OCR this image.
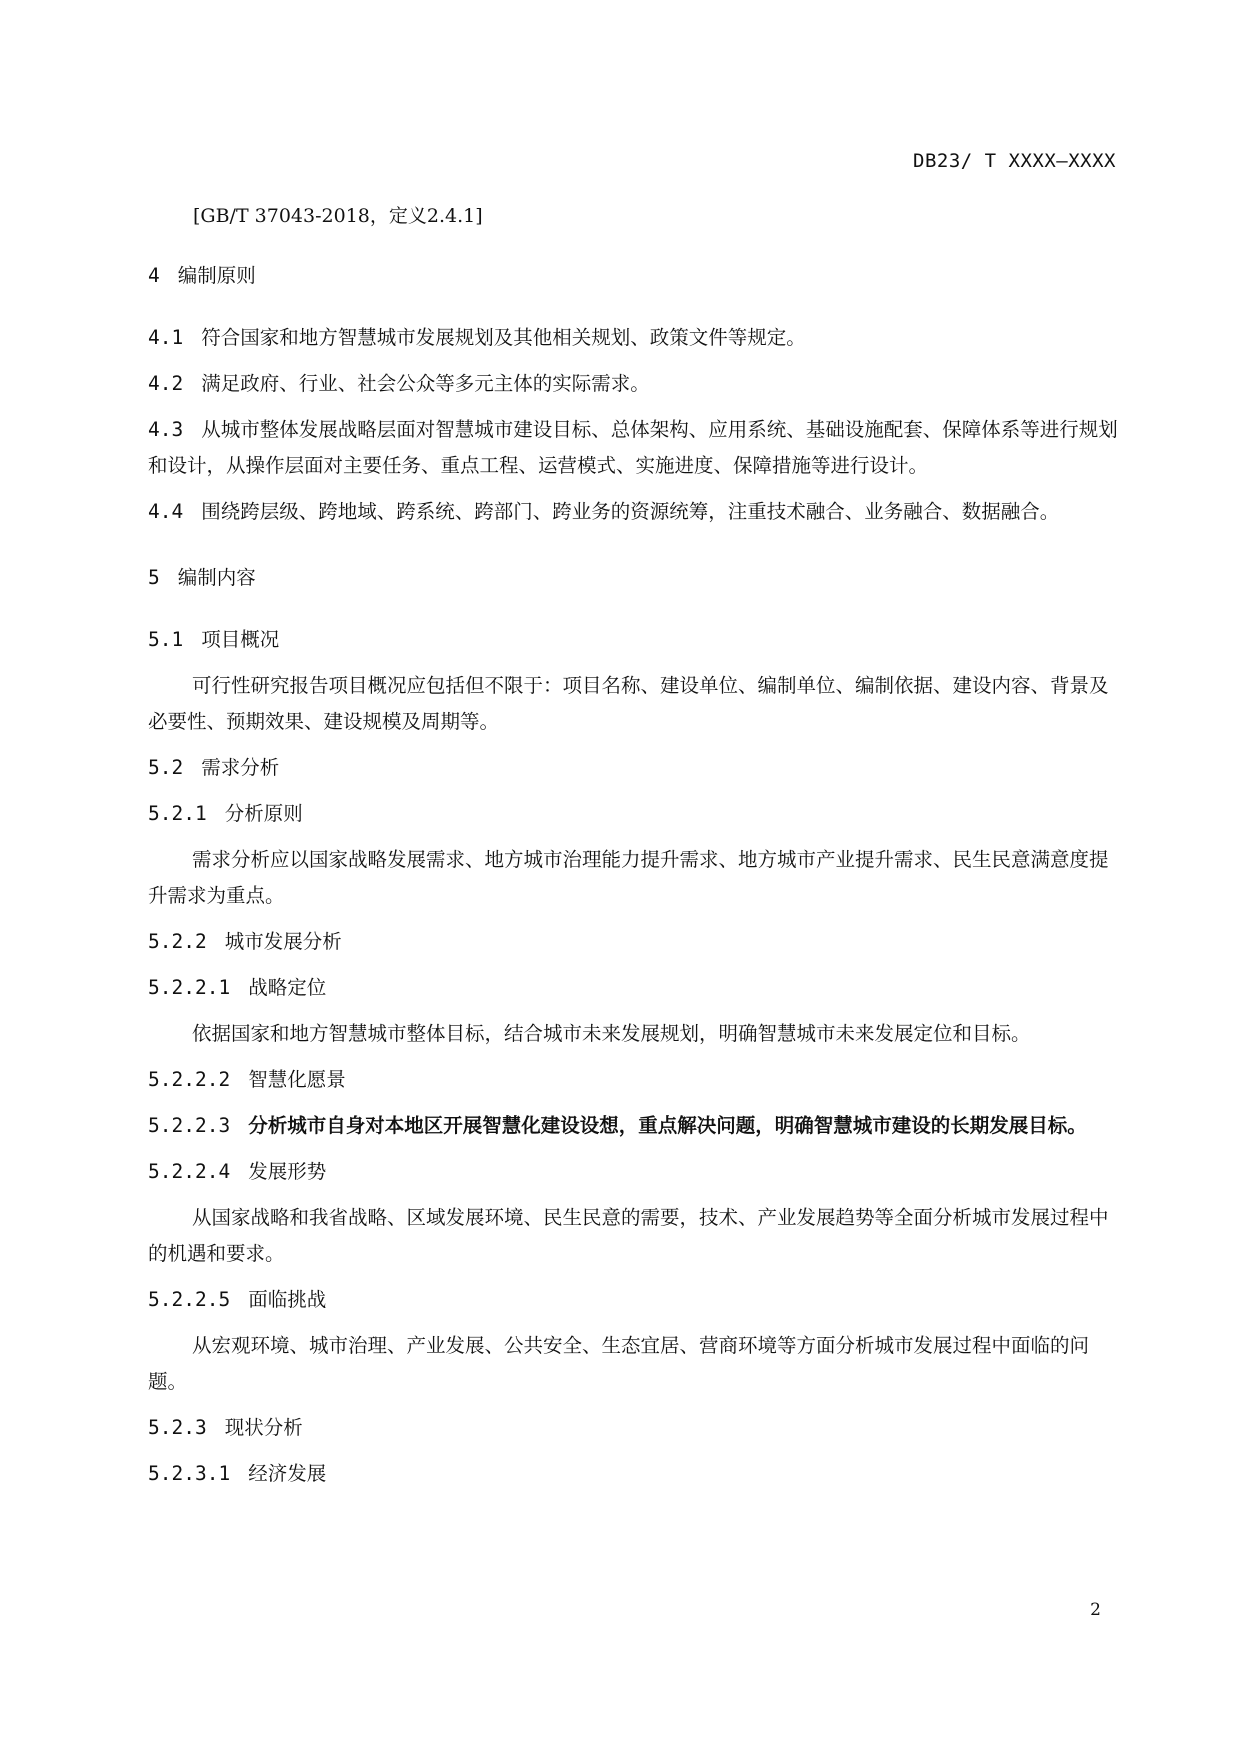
DB23/ T XXXX—XXXX
[GB/T 37043-2018，定义2.4.1]
4 编制原则
4.1 符合国家和地方智慧城市发展规划及其他相关规划、政策文件等规定。
4.2 满足政府、行业、社会公众等多元主体的实际需求。
4.3 从城市整体发展战略层面对智慧城市建设目标、总体架构、应用系统、基础设施配套、保障体系等进行规划和设计，从操作层面对主要任务、重点工程、运营模式、实施进度、保障措施等进行设计。
4.4 围绕跨层级、跨地域、跨系统、跨部门、跨业务的资源统筹，注重技术融合、业务融合、数据融合。
5 编制内容
5.1 项目概况
可行性研究报告项目概况应包括但不限于：项目名称、建设单位、编制单位、编制依据、建设内容、背景及必要性、预期效果、建设规模及周期等。
5.2 需求分析
5.2.1 分析原则
需求分析应以国家战略发展需求、地方城市治理能力提升需求、地方城市产业提升需求、民生民意满意度提升需求为重点。
5.2.2 城市发展分析
5.2.2.1 战略定位
依据国家和地方智慧城市整体目标，结合城市未来发展规划，明确智慧城市未来发展定位和目标。
5.2.2.2 智慧化愿景
5.2.2.3 分析城市自身对本地区开展智慧化建设设想，重点解决问题，明确智慧城市建设的长期发展目标。
5.2.2.4 发展形势
从国家战略和我省战略、区域发展环境、民生民意的需要，技术、产业发展趋势等全面分析城市发展过程中的机遇和要求。
5.2.2.5 面临挑战
从宏观环境、城市治理、产业发展、公共安全、生态宜居、营商环境等方面分析城市发展过程中面临的问题。
5.2.3 现状分析
5.2.3.1 经济发展
2
